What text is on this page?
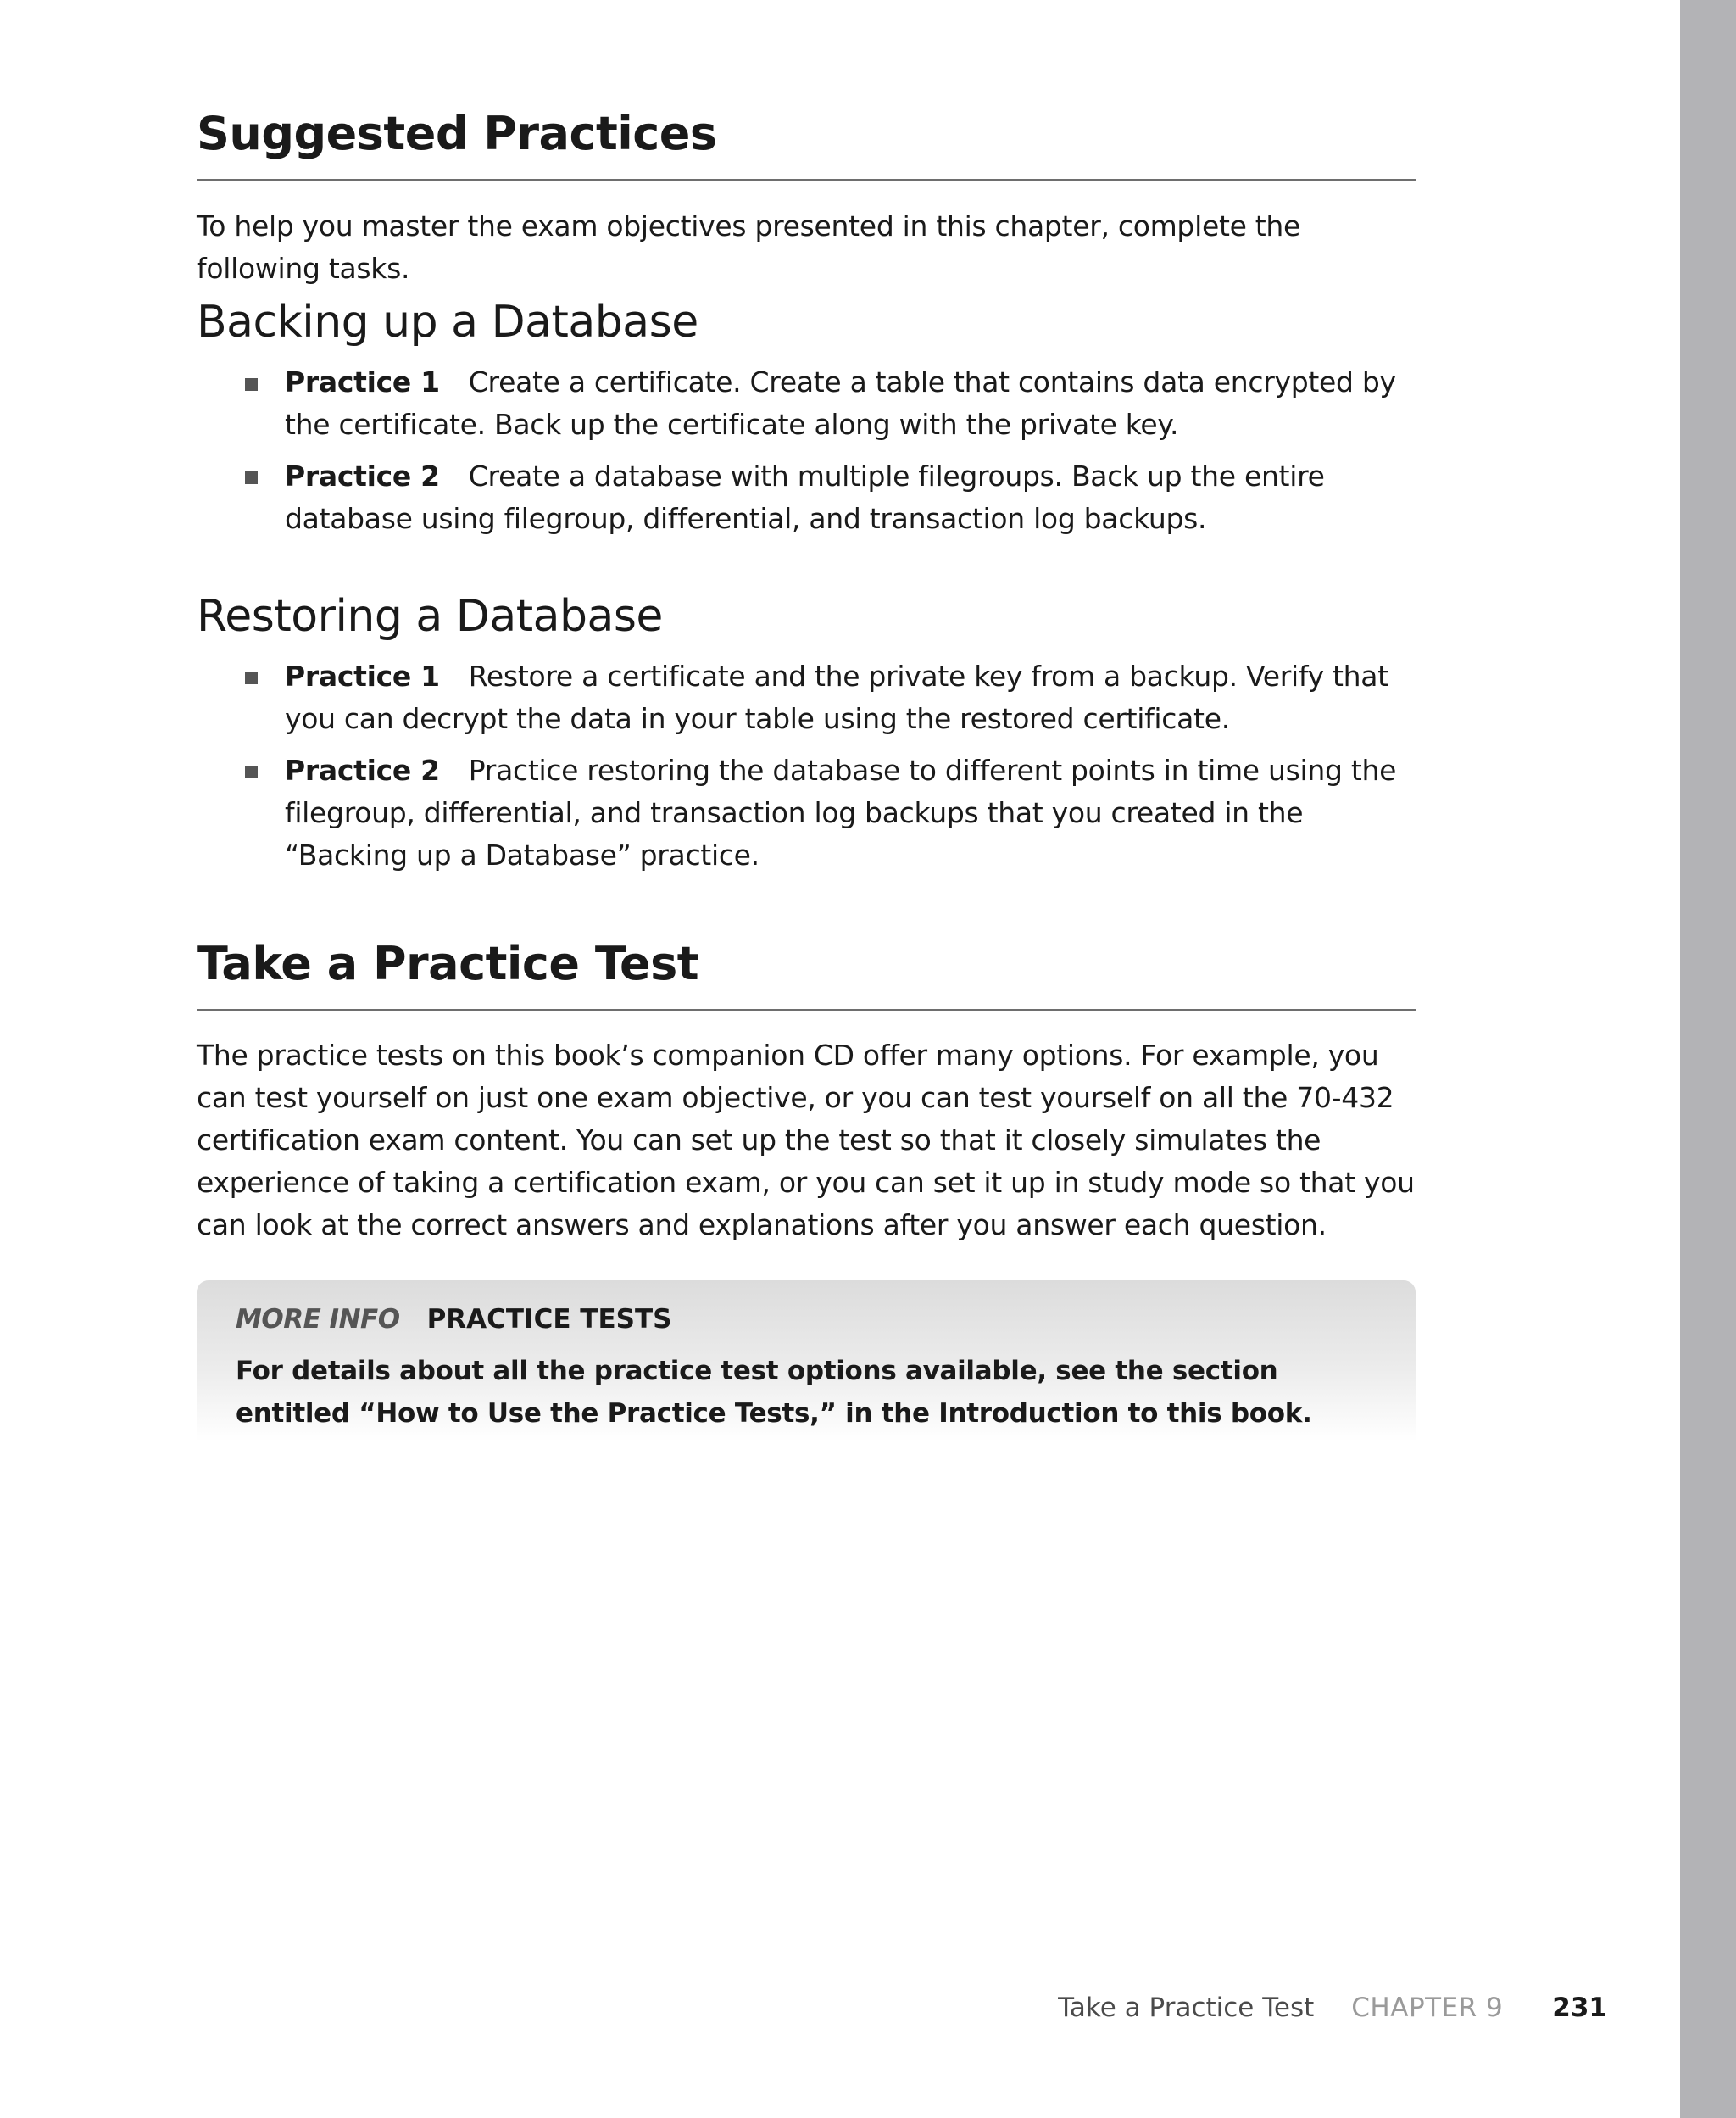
Suggested Practices

To help you master the exam objectives presented in this chapter, complete the following tasks.

Backing up a Database

Practice 1 Create a certificate. Create a table that contains data encrypted by the certificate. Back up the certificate along with the private key.

Practice 2 Create a database with multiple filegroups. Back up the entire database using filegroup, differential, and transaction log backups.

Restoring a Database

Practice 1 Restore a certificate and the private key from a backup. Verify that you can decrypt the data in your table using the restored certificate.

Practice 2 Practice restoring the database to different points in time using the filegroup, differential, and transaction log backups that you created in the “Backing up a Database” practice.

Take a Practice Test

The practice tests on this book’s companion CD offer many options. For example, you can test yourself on just one exam objective, or you can test yourself on all the 70-432 certification exam content. You can set up the test so that it closely simulates the experience of taking a certification exam, or you can set it up in study mode so that you can look at the correct answers and explanations after you answer each question.

MORE INFO PRACTICE TESTS

For details about all the practice test options available, see the section entitled “How to Use the Practice Tests,” in the Introduction to this book.

Take a Practice Test CHAPTER 9 231
